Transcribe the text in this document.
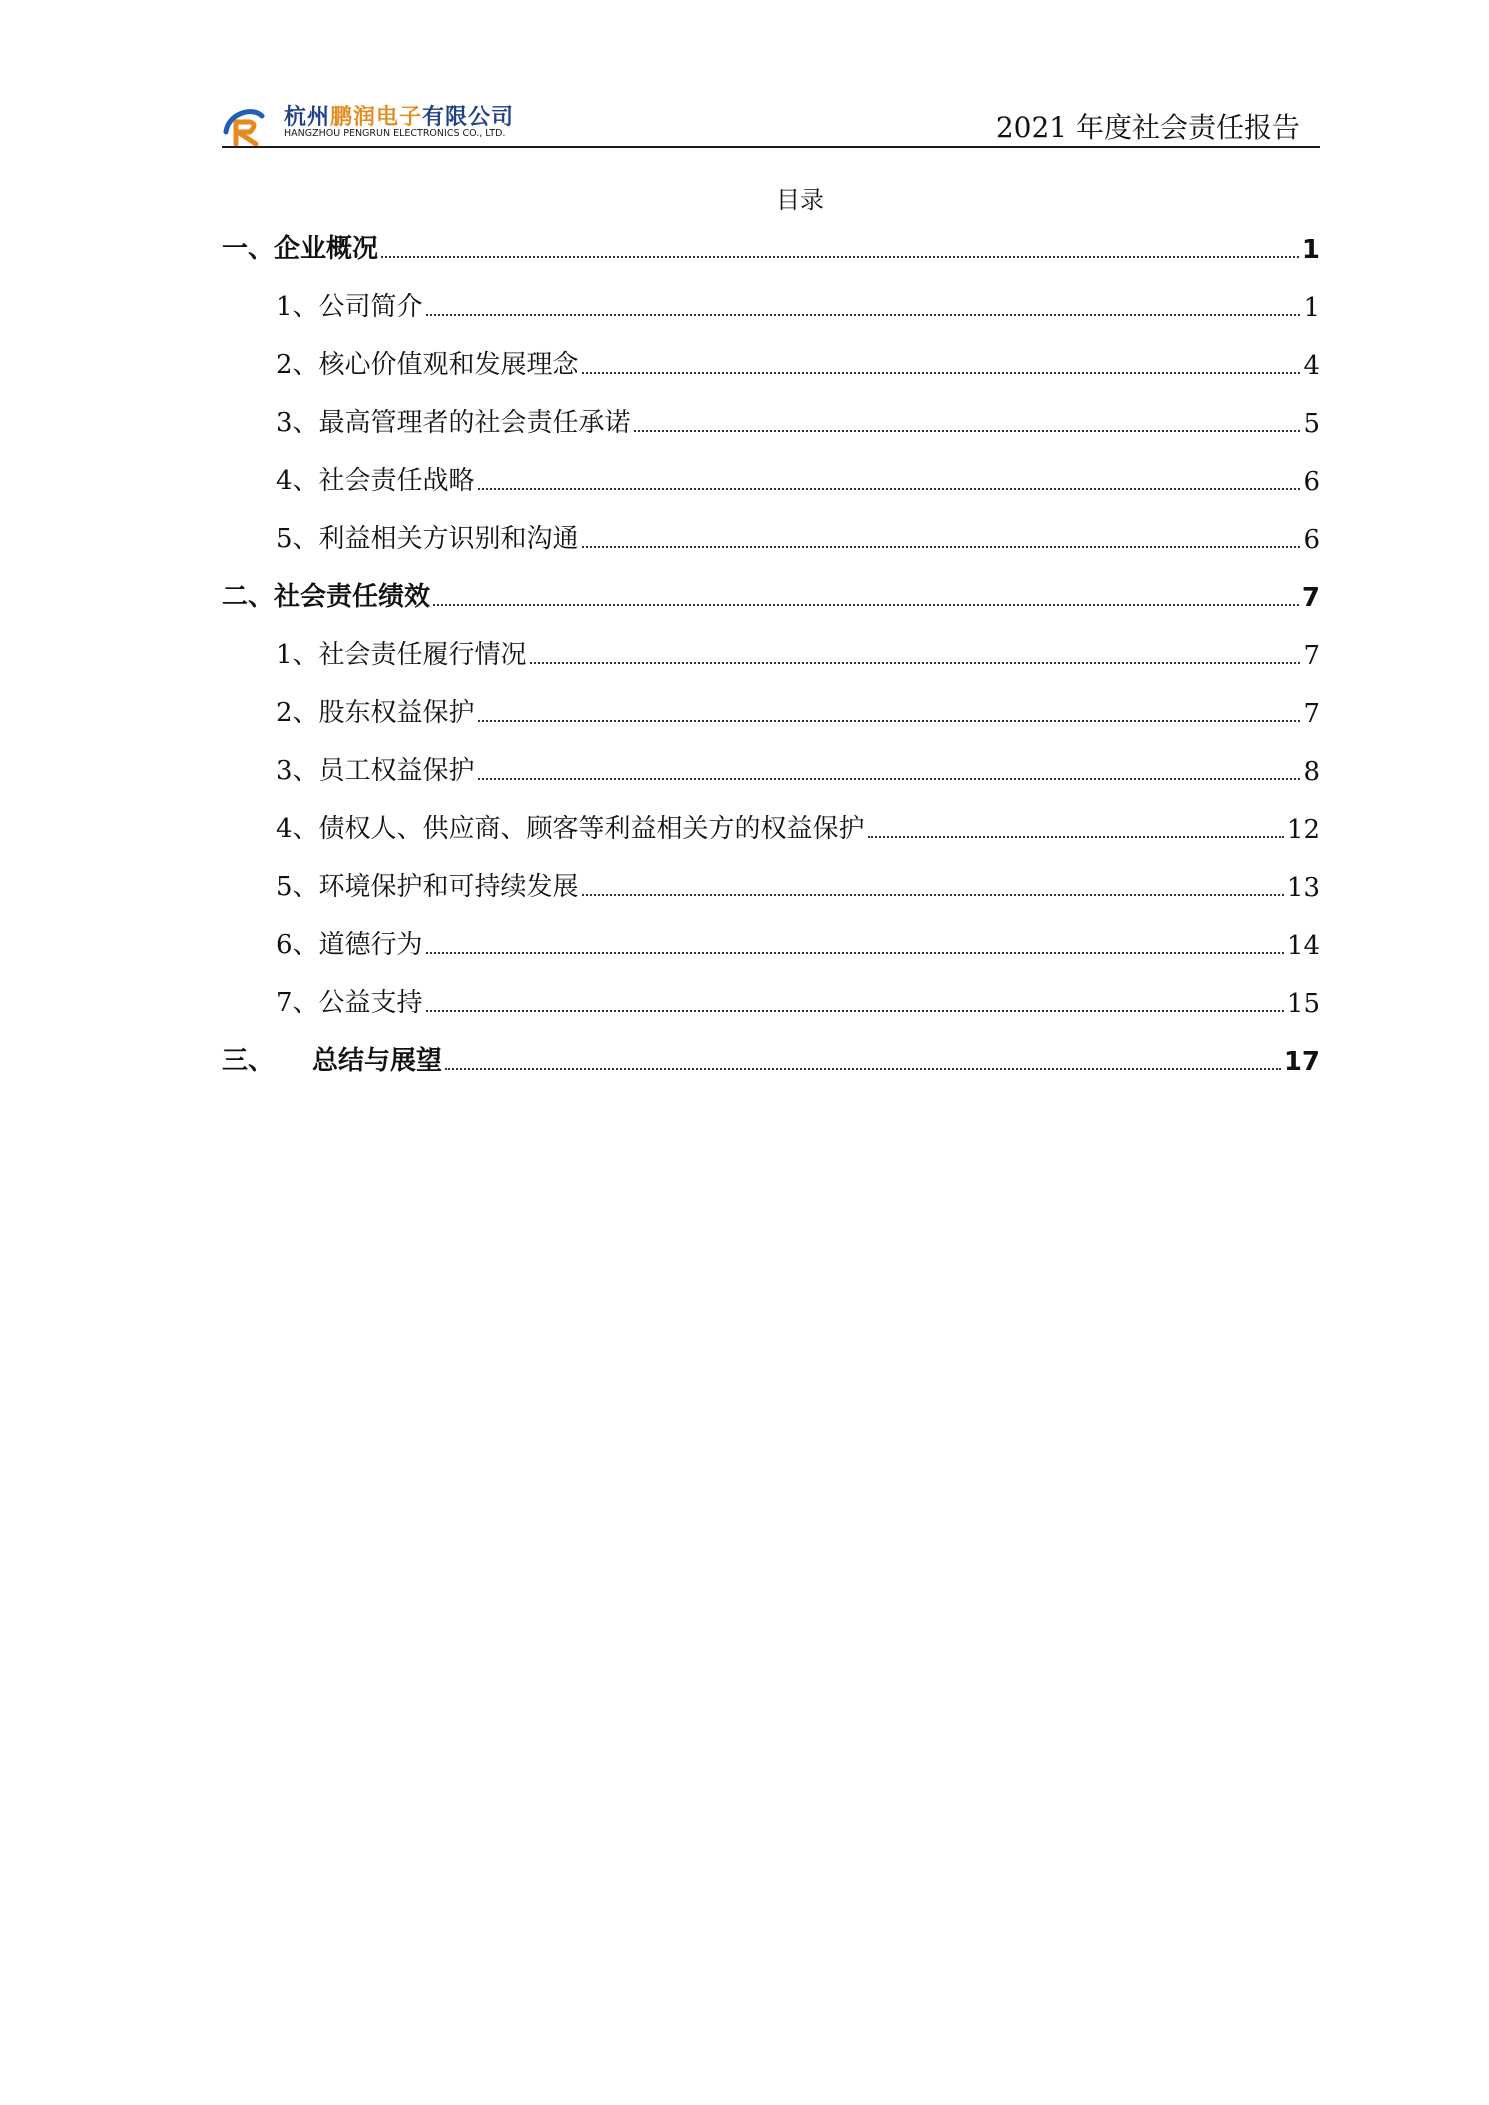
杭州鹏润电子有限公司
HANGZHOU PENGRUN ELECTRONICS CO., LTD.	2021 年度社会责任报告
目录
一、企业概况	1
1、公司简介	1
2、核心价值观和发展理念	4
3、最高管理者的社会责任承诺	5
4、社会责任战略	6
5、利益相关方识别和沟通	6
二、社会责任绩效	7
1、社会责任履行情况	7
2、股东权益保护	7
3、员工权益保护	8
4、债权人、供应商、顾客等利益相关方的权益保护	12
5、环境保护和可持续发展	13
6、道德行为	14
7、公益支持	15
三、 总结与展望	17
